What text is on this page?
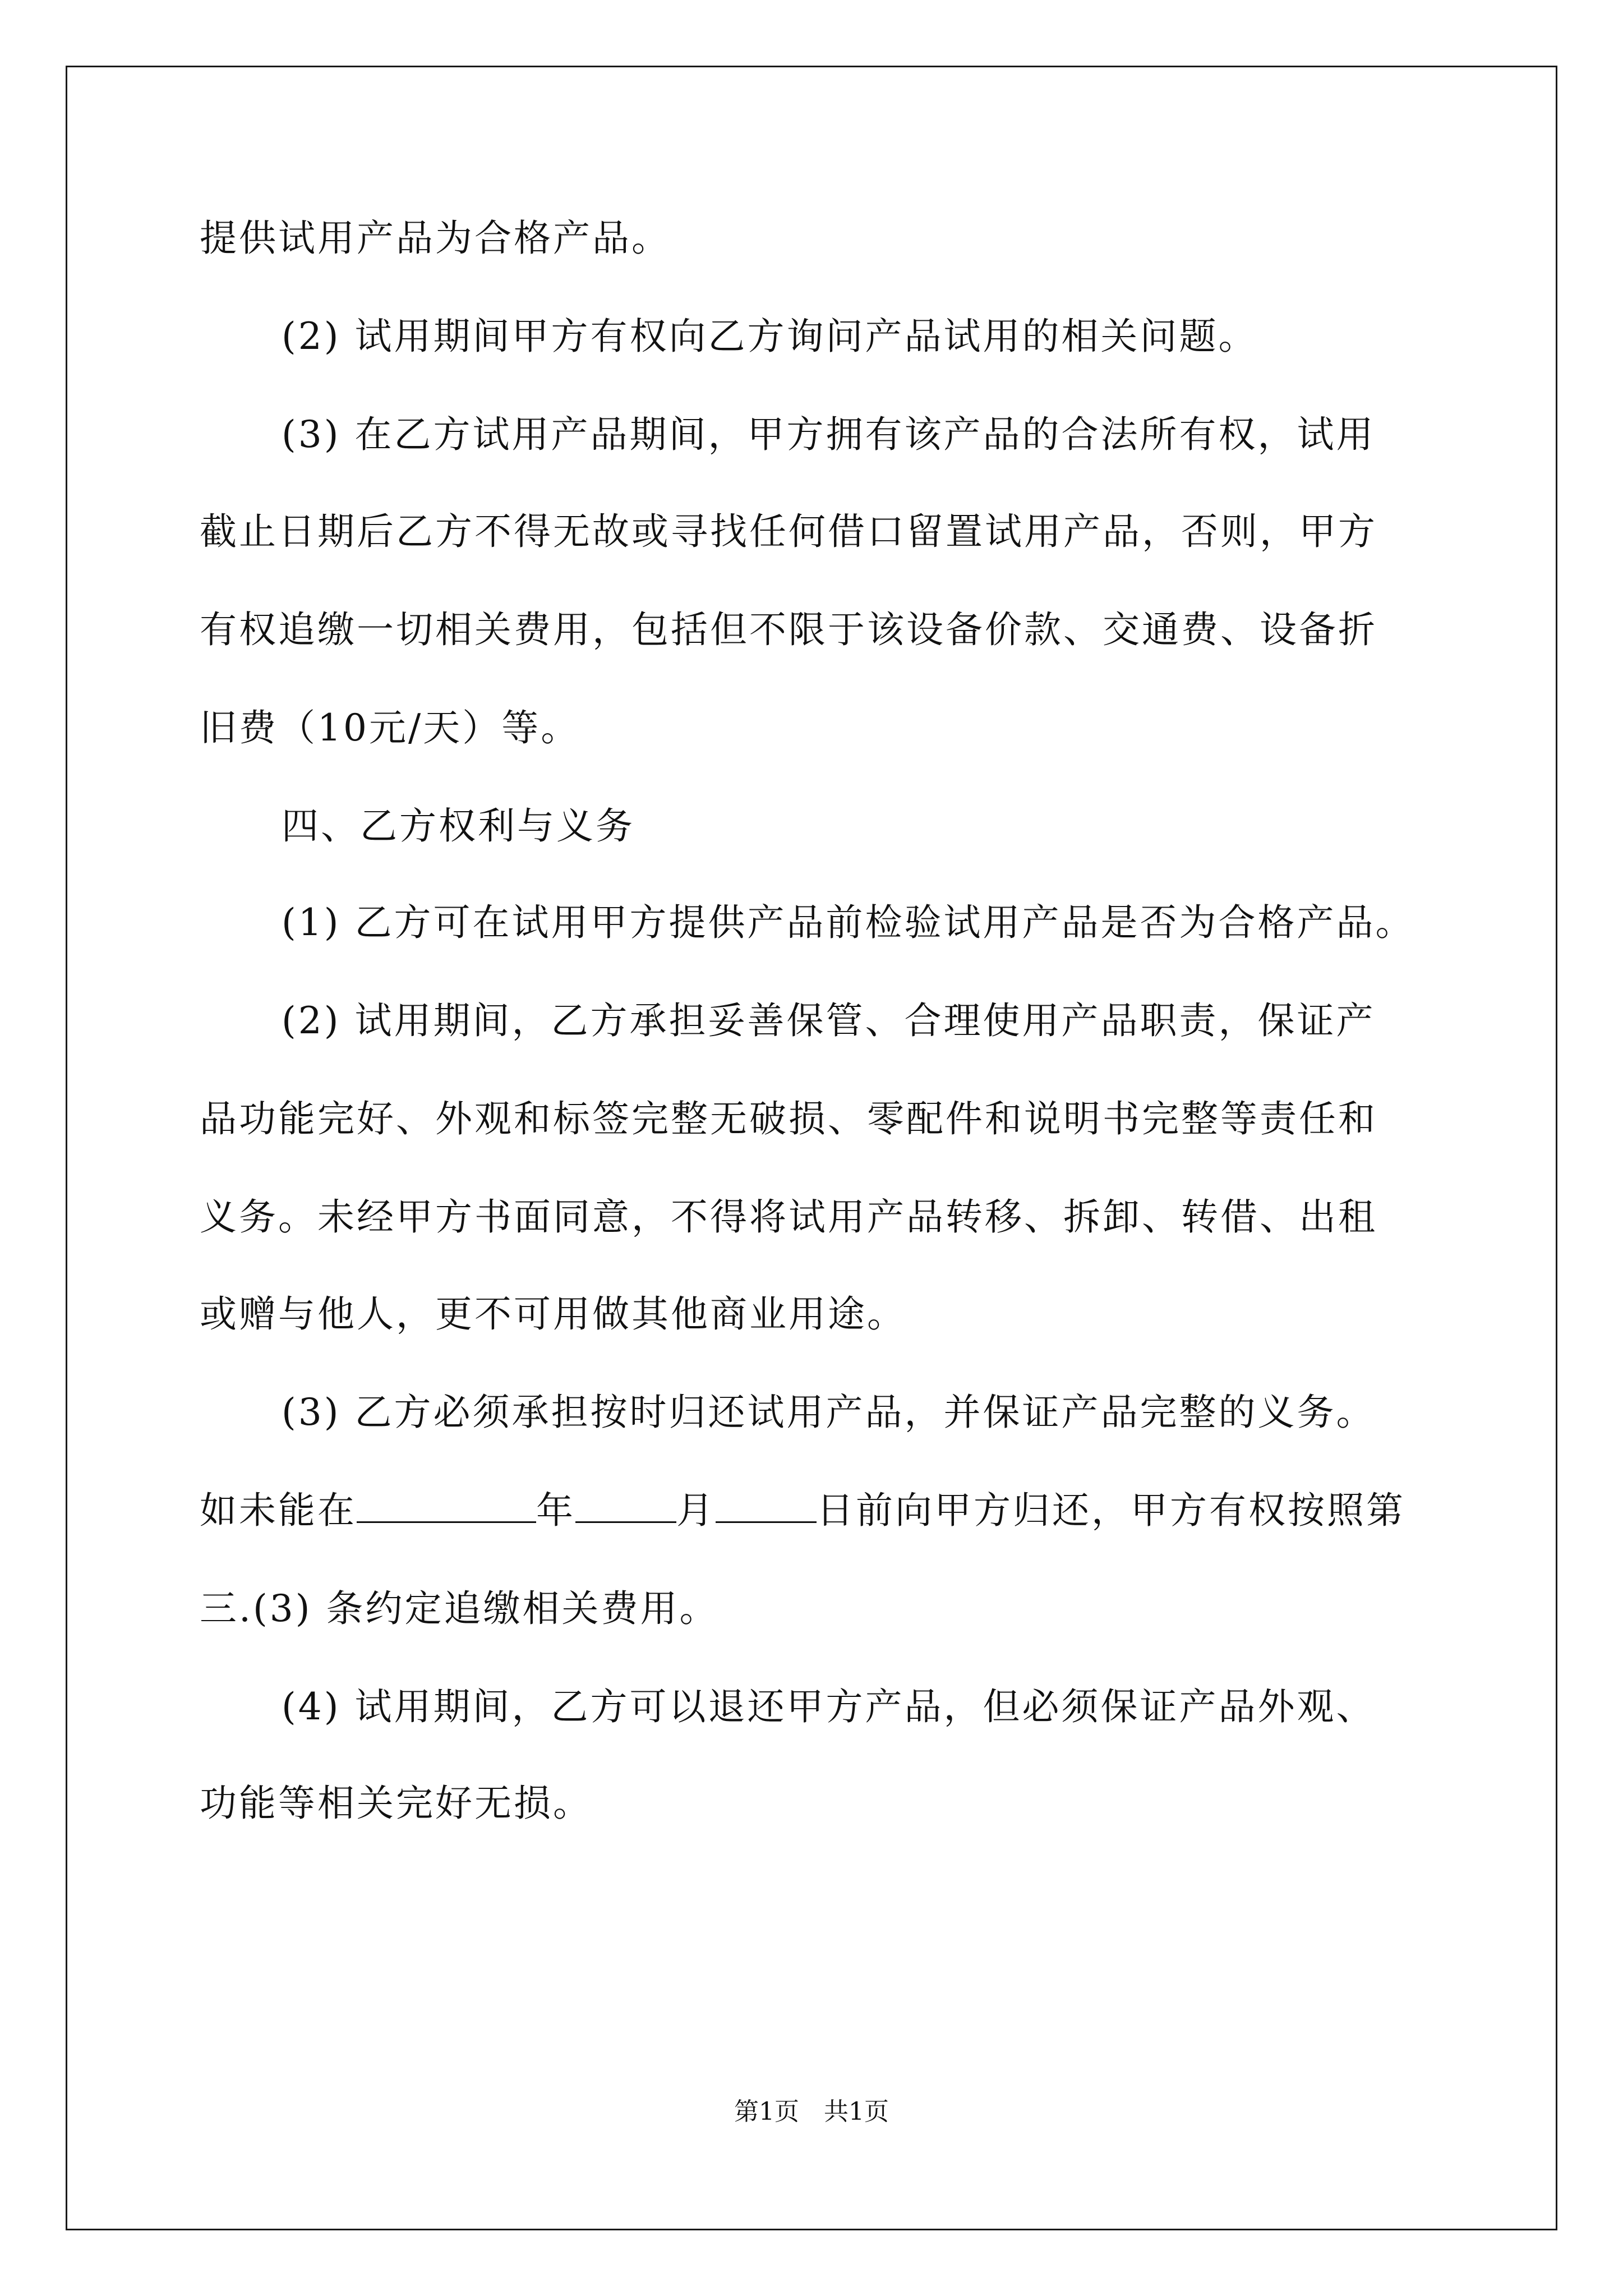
提供试用产品为合格产品。
(2) 试用期间甲方有权向乙方询问产品试用的相关问题。
(3) 在乙方试用产品期间，甲方拥有该产品的合法所有权，试用
截止日期后乙方不得无故或寻找任何借口留置试用产品，否则，甲方
有权追缴一切相关费用，包括但不限于该设备价款、交通费、设备折
旧费（10元/天）等。
四、乙方权利与义务
(1) 乙方可在试用甲方提供产品前检验试用产品是否为合格产品。
(2) 试用期间，乙方承担妥善保管、合理使用产品职责，保证产
品功能完好、外观和标签完整无破损、零配件和说明书完整等责任和
义务。未经甲方书面同意，不得将试用产品转移、拆卸、转借、出租
或赠与他人，更不可用做其他商业用途。
(3) 乙方必须承担按时归还试用产品，并保证产品完整的义务。
如未能在	年	月	日前向甲方归还，甲方有权按照第
三.(3) 条约定追缴相关费用。
(4) 试用期间，乙方可以退还甲方产品，但必须保证产品外观、
功能等相关完好无损。
第1页　共1页
